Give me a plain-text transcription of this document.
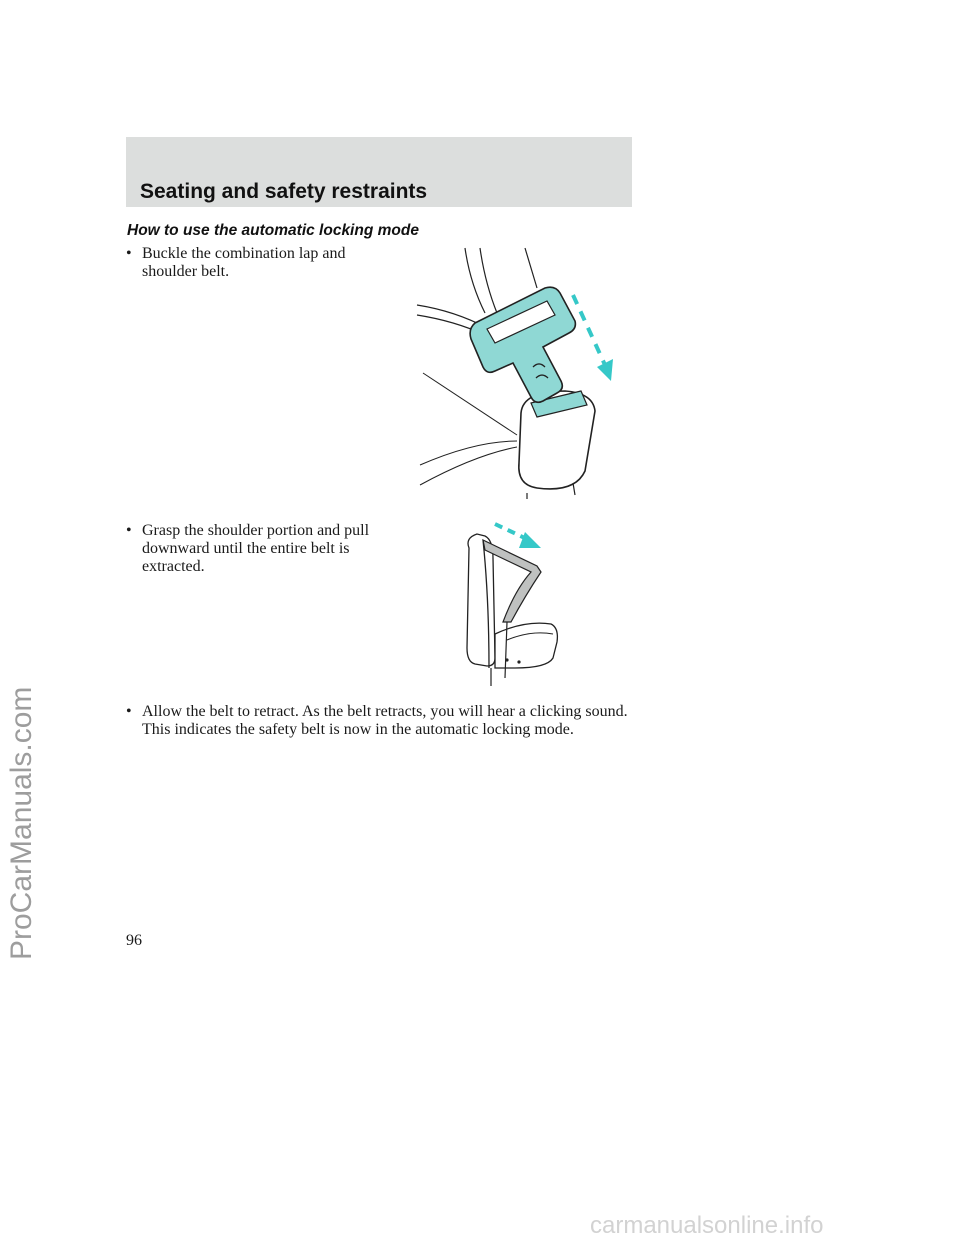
Seating and safety restraints
How to use the automatic locking mode
• Buckle the combination lap and shoulder belt.
• Grasp the shoulder portion and pull downward until the entire belt is extracted.
• Allow the belt to retract. As the belt retracts, you will hear a clicking sound. This indicates the safety belt is now in the automatic locking mode.
96
ProCarManuals.com
carmanualsonline.info
